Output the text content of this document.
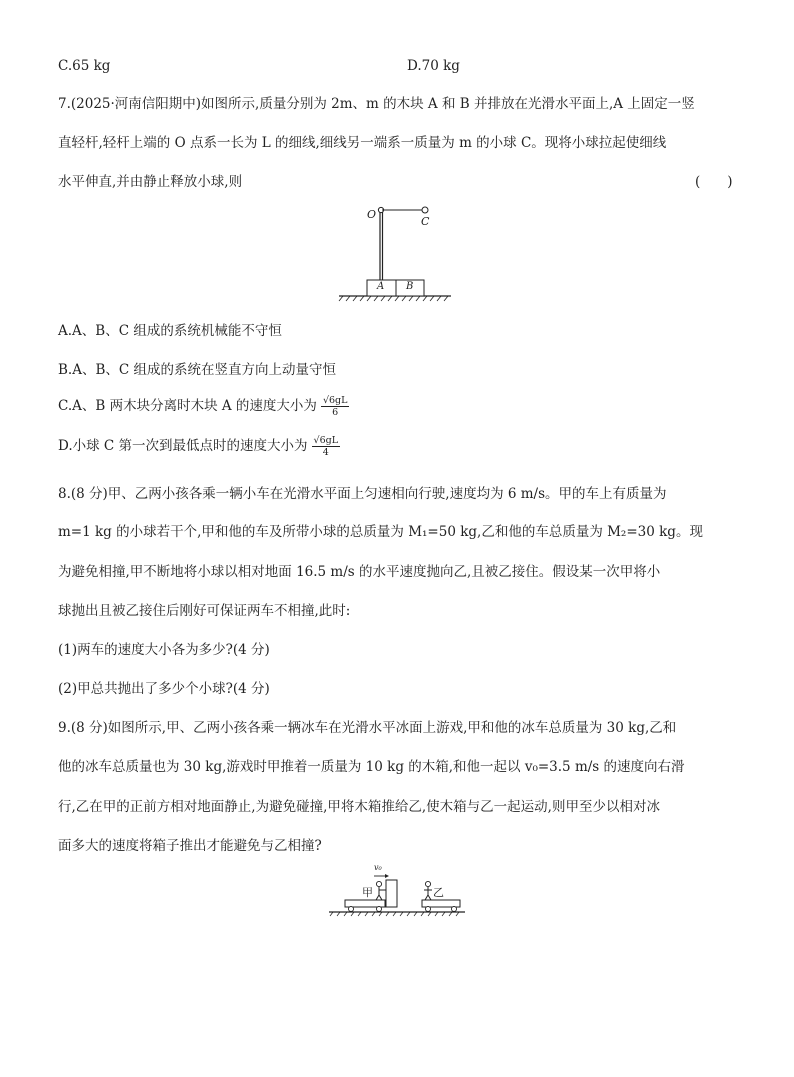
C.65 kg	D.70 kg
7.(2025·河南信阳期中)如图所示,质量分别为 2m、m 的木块 A 和 B 并排放在光滑水平面上,A 上固定一竖
直轻杆,轻杆上端的 O 点系一长为 L 的细线,细线另一端系一质量为 m 的小球 C。现将小球拉起使细线
水平伸直,并由静止释放小球,则	(　　)
O
C
A B
A.A、B、C 组成的系统机械能不守恒
B.A、B、C 组成的系统在竖直方向上动量守恒
C.A、B 两木块分离时木块 A 的速度大小为 $\frac{√6gL}{6}$
D.小球 C 第一次到最低点时的速度大小为 $\frac{√6gL}{4}$
8.(8 分)甲、乙两小孩各乘一辆小车在光滑水平面上匀速相向行驶,速度均为 6 m/s。甲的车上有质量为
m=1 kg 的小球若干个,甲和他的车及所带小球的总质量为 M₁=50 kg,乙和他的车总质量为 M₂=30 kg。现
为避免相撞,甲不断地将小球以相对地面 16.5 m/s 的水平速度抛向乙,且被乙接住。假设某一次甲将小
球抛出且被乙接住后刚好可保证两车不相撞,此时:
(1)两车的速度大小各为多少?(4 分)
(2)甲总共抛出了多少个小球?(4 分)
9.(8 分)如图所示,甲、乙两小孩各乘一辆冰车在光滑水平冰面上游戏,甲和他的冰车总质量为 30 kg,乙和
他的冰车总质量也为 30 kg,游戏时甲推着一质量为 10 kg 的木箱,和他一起以 v₀=3.5 m/s 的速度向右滑
行,乙在甲的正前方相对地面静止,为避免碰撞,甲将木箱推给乙,使木箱与乙一起运动,则甲至少以相对冰
面多大的速度将箱子推出才能避免与乙相撞?
甲	乙
v₀
